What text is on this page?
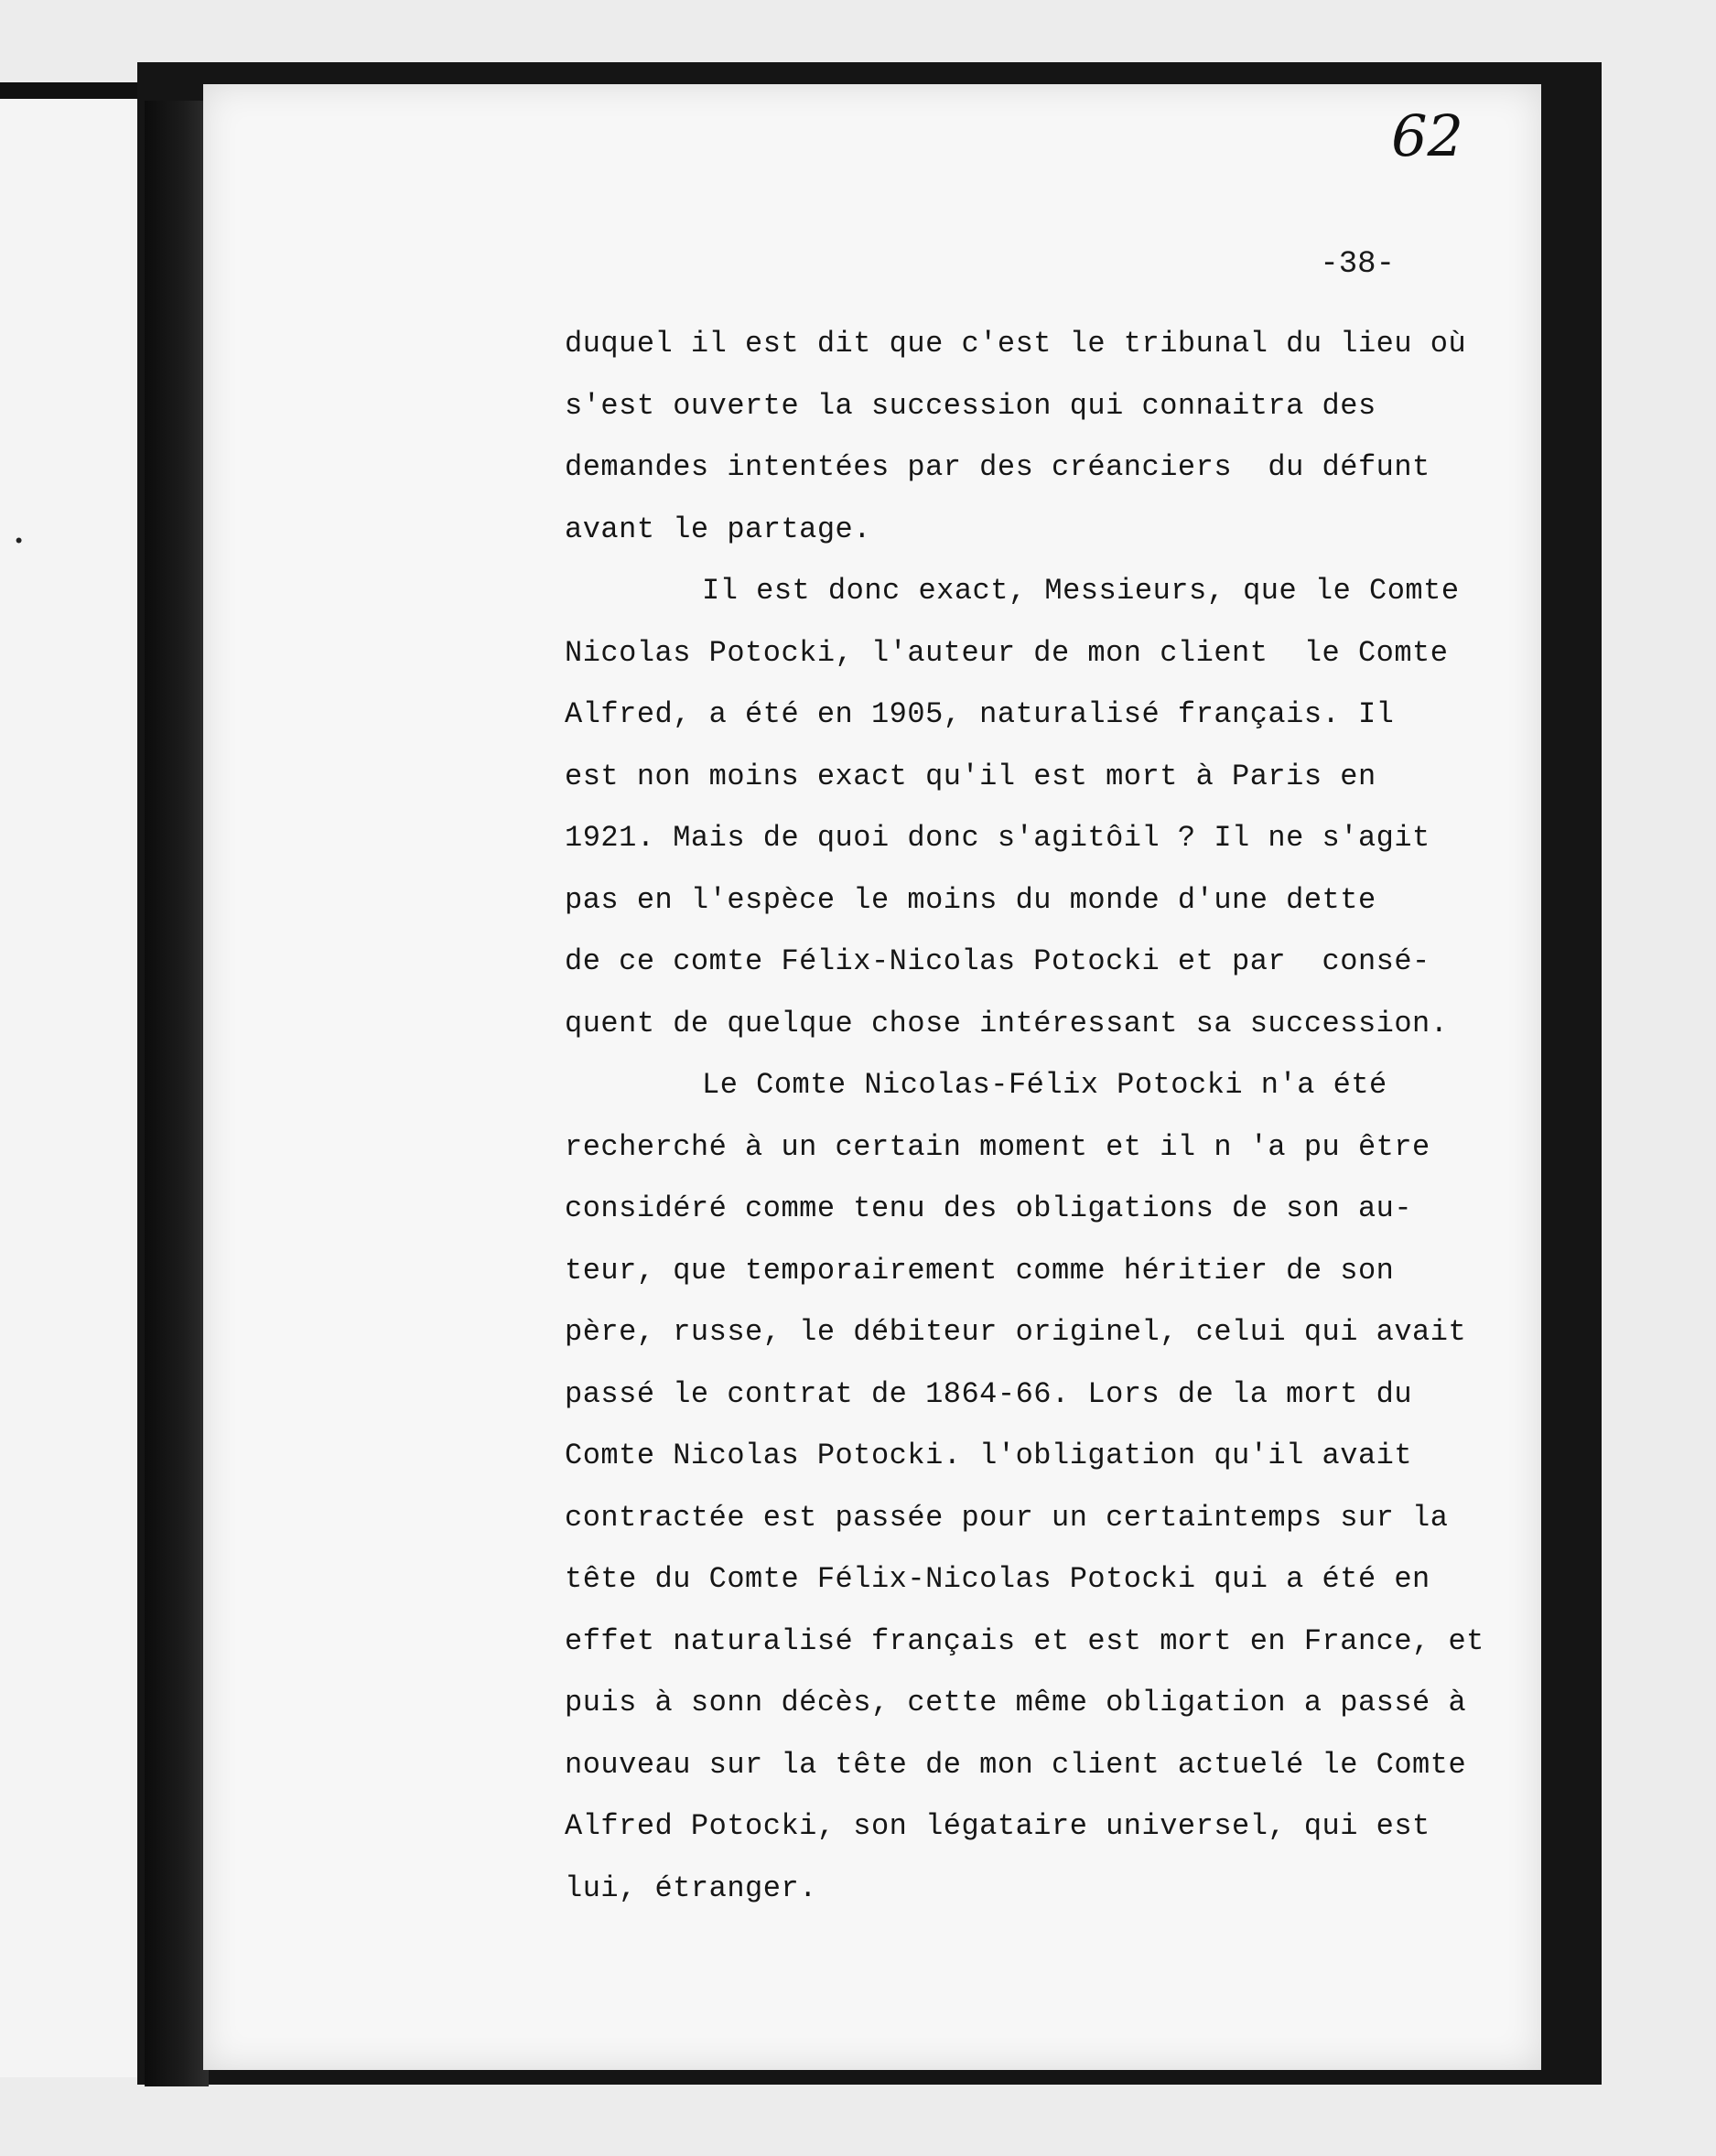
•
62
-38-
duquel il est dit que c'est le tribunal du lieu où
s'est ouverte la succession qui connaitra des
demandes intentées par des créanciers  du défunt
avant le partage.
Il est donc exact, Messieurs, que le Comte
Nicolas Potocki, l'auteur de mon client  le Comte
Alfred, a été en 1905, naturalisé français. Il
est non moins exact qu'il est mort à Paris en
1921. Mais de quoi donc s'agitôil ? Il ne s'agit
pas en l'espèce le moins du monde d'une dette
de ce comte Félix-Nicolas Potocki et par  consé-
quent de quelque chose intéressant sa succession.
Le Comte Nicolas-Félix Potocki n'a été
recherché à un certain moment et il n 'a pu être
considéré comme tenu des obligations de son au-
teur, que temporairement comme héritier de son
père, russe, le débiteur originel, celui qui avait
passé le contrat de 1864-66. Lors de la mort du
Comte Nicolas Potocki. l'obligation qu'il avait
contractée est passée pour un certaintemps sur la
tête du Comte Félix-Nicolas Potocki qui a été en
effet naturalisé français et est mort en France, et
puis à sonn décès, cette même obligation a passé à
nouveau sur la tête de mon client actuelé le Comte
Alfred Potocki, son légataire universel, qui est
lui, étranger.
